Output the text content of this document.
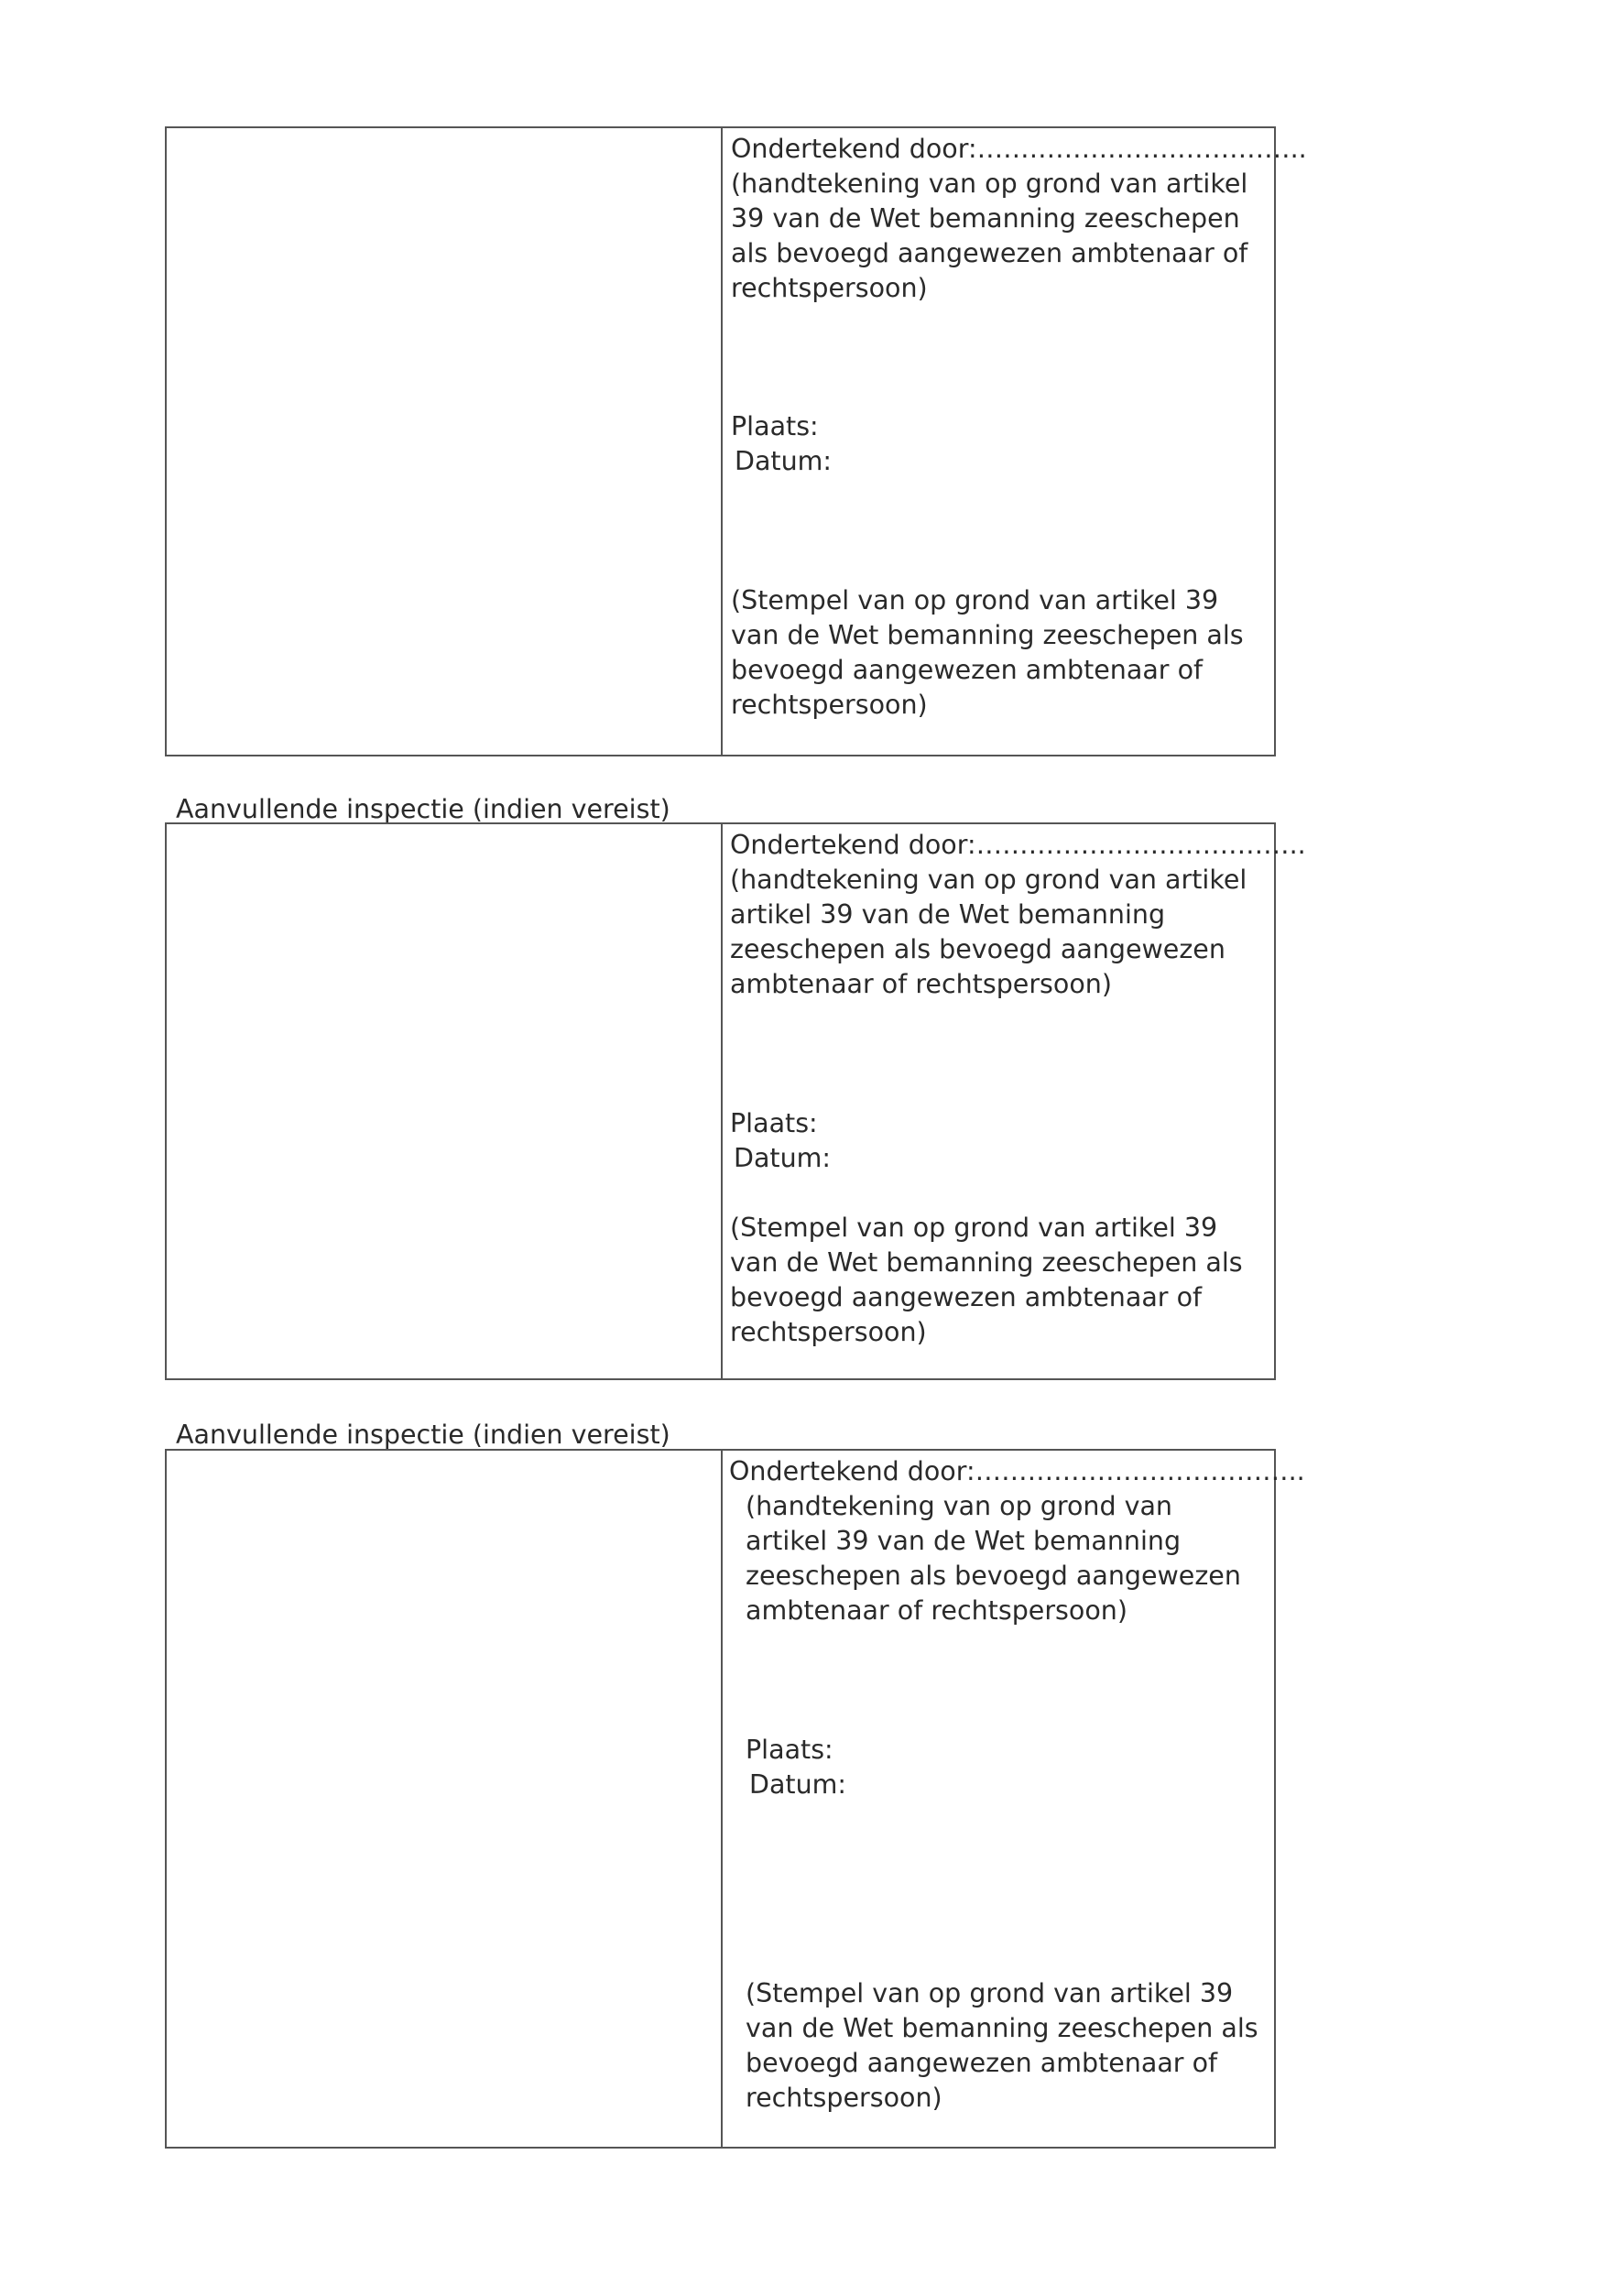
Ondertekend door:………………………………..
(handtekening van op grond van artikel
39 van de Wet bemanning zeeschepen
als bevoegd aangewezen ambtenaar of
rechtspersoon)
Plaats:
Datum:
(Stempel van op grond van artikel 39
van de Wet bemanning zeeschepen als
bevoegd aangewezen ambtenaar of
rechtspersoon)
Aanvullende inspectie (indien vereist)
Ondertekend door:………………………………..
(handtekening van op grond van artikel
artikel 39 van de Wet bemanning
zeeschepen als bevoegd aangewezen
ambtenaar of rechtspersoon)
Plaats:
Datum:
(Stempel van op grond van artikel 39
van de Wet bemanning zeeschepen als
bevoegd aangewezen ambtenaar of
rechtspersoon)
Aanvullende inspectie (indien vereist)
Ondertekend door:………………………………..
(handtekening van op grond van
artikel 39 van de Wet bemanning
zeeschepen als bevoegd aangewezen
ambtenaar of rechtspersoon)
Plaats:
Datum:
(Stempel van op grond van artikel 39
van de Wet bemanning zeeschepen als
bevoegd aangewezen ambtenaar of
rechtspersoon)
